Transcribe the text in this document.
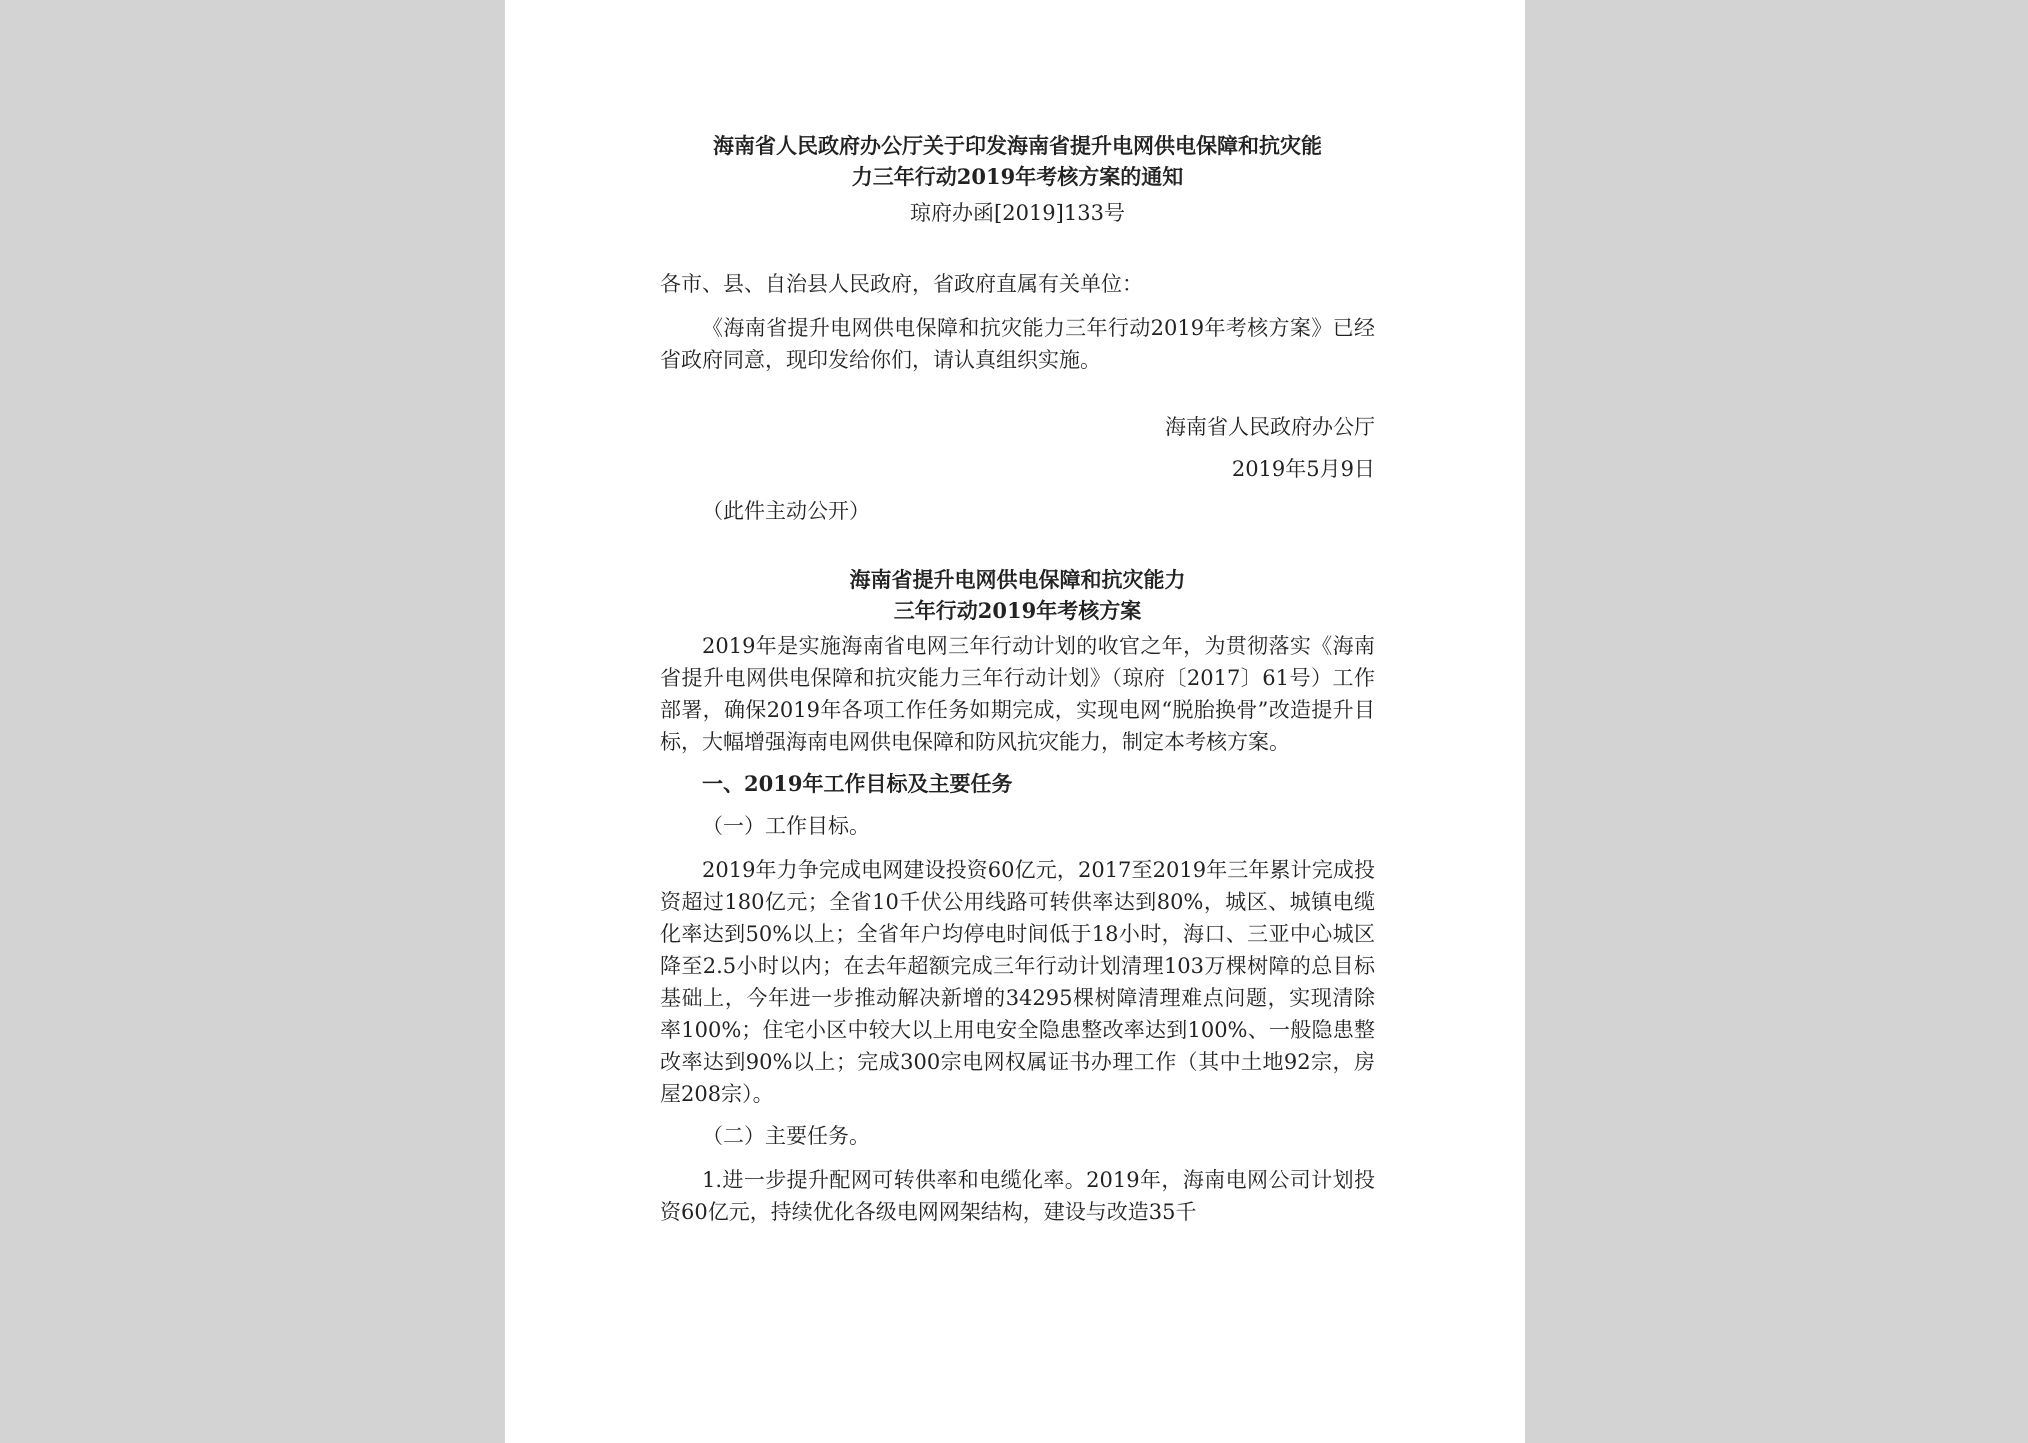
海南省人民政府办公厅关于印发海南省提升电网供电保障和抗灾能
力三年行动2019年考核方案的通知
琼府办函[2019]133号
各市、县、自治县人民政府，省政府直属有关单位：

《海南省提升电网供电保障和抗灾能力三年行动2019年考核方案》已经省政府同意，现印发给你们，请认真组织实施。

海南省人民政府办公厅
2019年5月9日
（此件主动公开）
海南省提升电网供电保障和抗灾能力
三年行动2019年考核方案

2019年是实施海南省电网三年行动计划的收官之年，为贯彻落实《海南省提升电网供电保障和抗灾能力三年行动计划》（琼府〔2017〕61号）工作部署，确保2019年各项工作任务如期完成，实现电网“脱胎换骨”改造提升目标，大幅增强海南电网供电保障和防风抗灾能力，制定本考核方案。

一、2019年工作目标及主要任务
（一）工作目标。

2019年力争完成电网建设投资60亿元，2017至2019年三年累计完成投资超过180亿元；全省10千伏公用线路可转供率达到80%，城区、城镇电缆化率达到50%以上；全省年户均停电时间低于18小时，海口、三亚中心城区降至2.5小时以内；在去年超额完成三年行动计划清理103万棵树障的总目标基础上，今年进一步推动解决新增的34295棵树障清理难点问题，实现清除率100%；住宅小区中较大以上用电安全隐患整改率达到100%、一般隐患整改率达到90%以上；完成300宗电网权属证书办理工作（其中土地92宗，房屋208宗）。

（二）主要任务。

1.进一步提升配网可转供率和电缆化率。2019年，海南电网公司计划投资60亿元，持续优化各级电网网架结构，建设与改造35千
